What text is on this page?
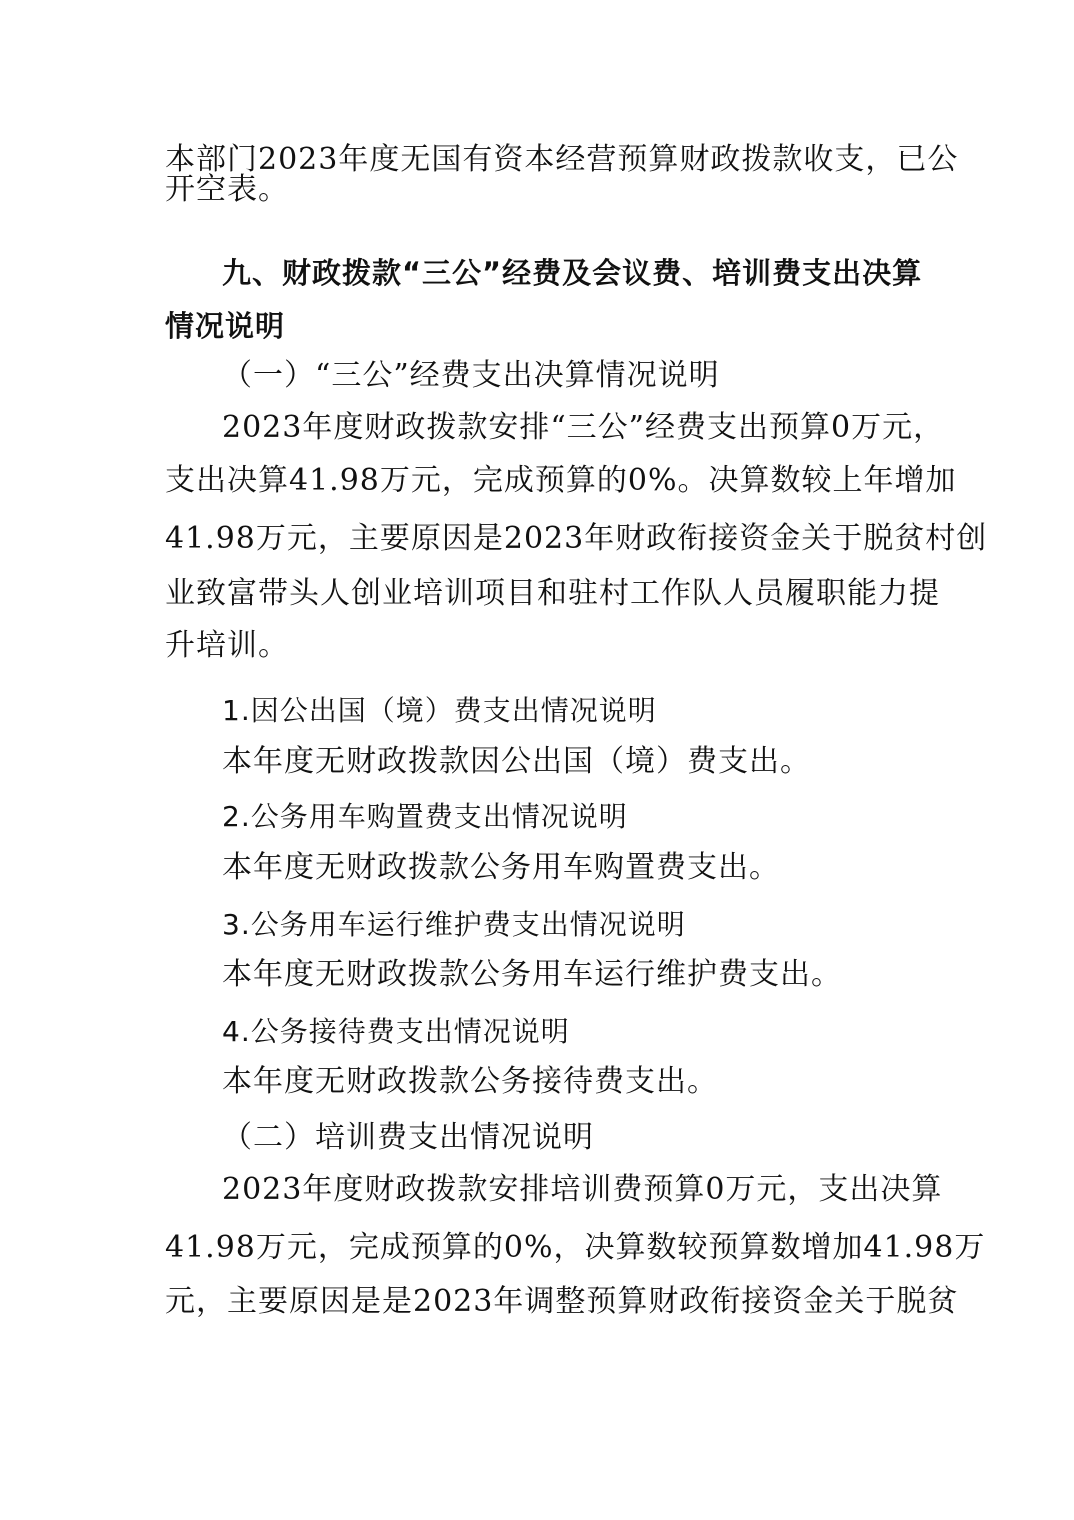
本部门2023年度无国有资本经营预算财政拨款收支，已公
开空表。
九、财政拨款“三公”经费及会议费、培训费支出决算
情况说明
（一）“三公”经费支出决算情况说明
2023年度财政拨款安排“三公”经费支出预算0万元，
支出决算41.98万元，完成预算的0%。决算数较上年增加
41.98万元，主要原因是2023年财政衔接资金关于脱贫村创
业致富带头人创业培训项目和驻村工作队人员履职能力提
升培训。
1.因公出国（境）费支出情况说明
本年度无财政拨款因公出国（境）费支出。
2.公务用车购置费支出情况说明
本年度无财政拨款公务用车购置费支出。
3.公务用车运行维护费支出情况说明
本年度无财政拨款公务用车运行维护费支出。
4.公务接待费支出情况说明
本年度无财政拨款公务接待费支出。
（二）培训费支出情况说明
2023年度财政拨款安排培训费预算0万元，支出决算
41.98万元，完成预算的0%，决算数较预算数增加41.98万
元，主要原因是是2023年调整预算财政衔接资金关于脱贫
